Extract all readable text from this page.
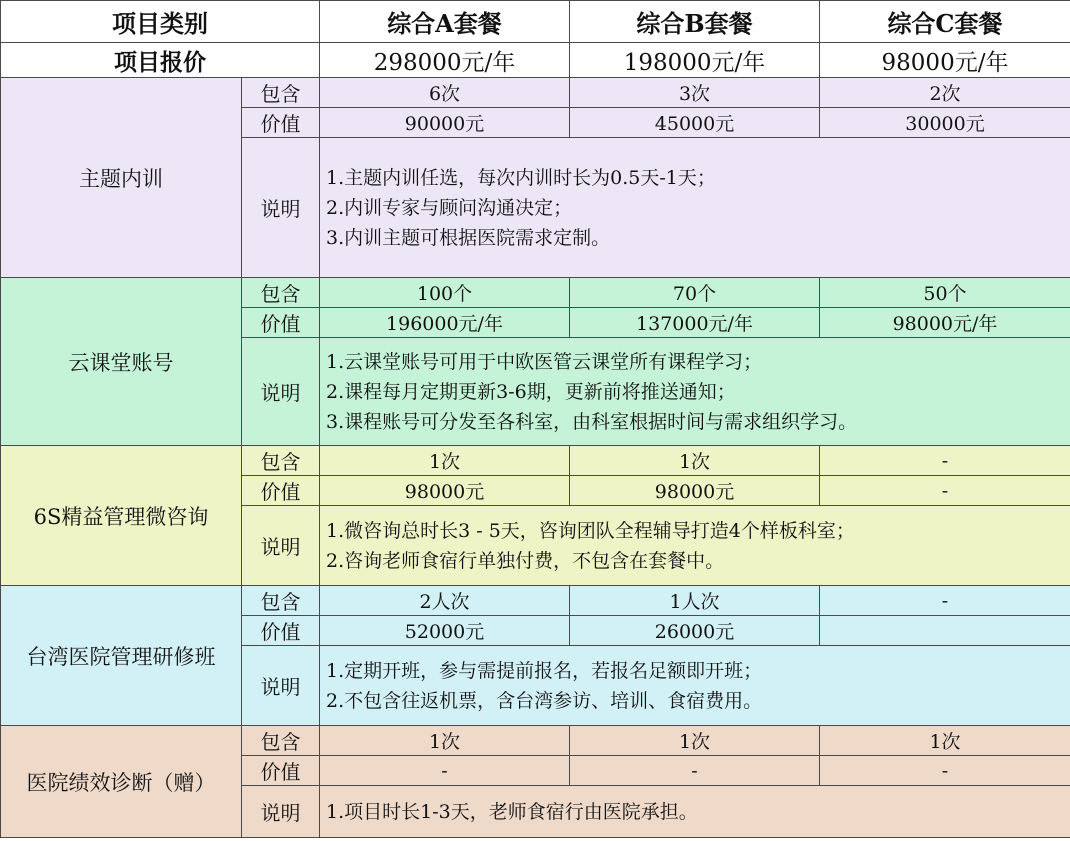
项目类别		综合A套餐	综合B套餐	综合C套餐
项目报价		298000元/年	198000元/年	98000元/年
主题内训	包含	6次	3次	2次
	价值	90000元	45000元	30000元
	说明	1.主题内训任选，每次内训时长为0.5天-1天；
2.内训专家与顾问沟通决定；
3.内训主题可根据医院需求定制。		

云课堂账号	包含	100个	70个	50个
	价值	196000元/年	137000元/年	98000元/年
	说明	1.云课堂账号可用于中欧医管云课堂所有课程学习；
2.课程每月定期更新3-6期，更新前将推送通知；
3.课程账号可分发至各科室，由科室根据时间与需求组织学习。		

6S精益管理微咨询	包含	1次	1次	-
	价值	98000元	98000元	-
	说明	1.微咨询总时长3 - 5天，咨询团队全程辅导打造4个样板科室；
2.咨询老师食宿行单独付费，不包含在套餐中。		

台湾医院管理研修班	包含	2人次	1人次	-
	价值	52000元	26000元	
	说明	1.定期开班，参与需提前报名，若报名足额即开班；
2.不包含往返机票，含台湾参访、培训、食宿费用。		

医院绩效诊断（赠）	包含	1次	1次	1次
	价值	-	-	-
	说明	1.项目时长1-3天，老师食宿行由医院承担。		
